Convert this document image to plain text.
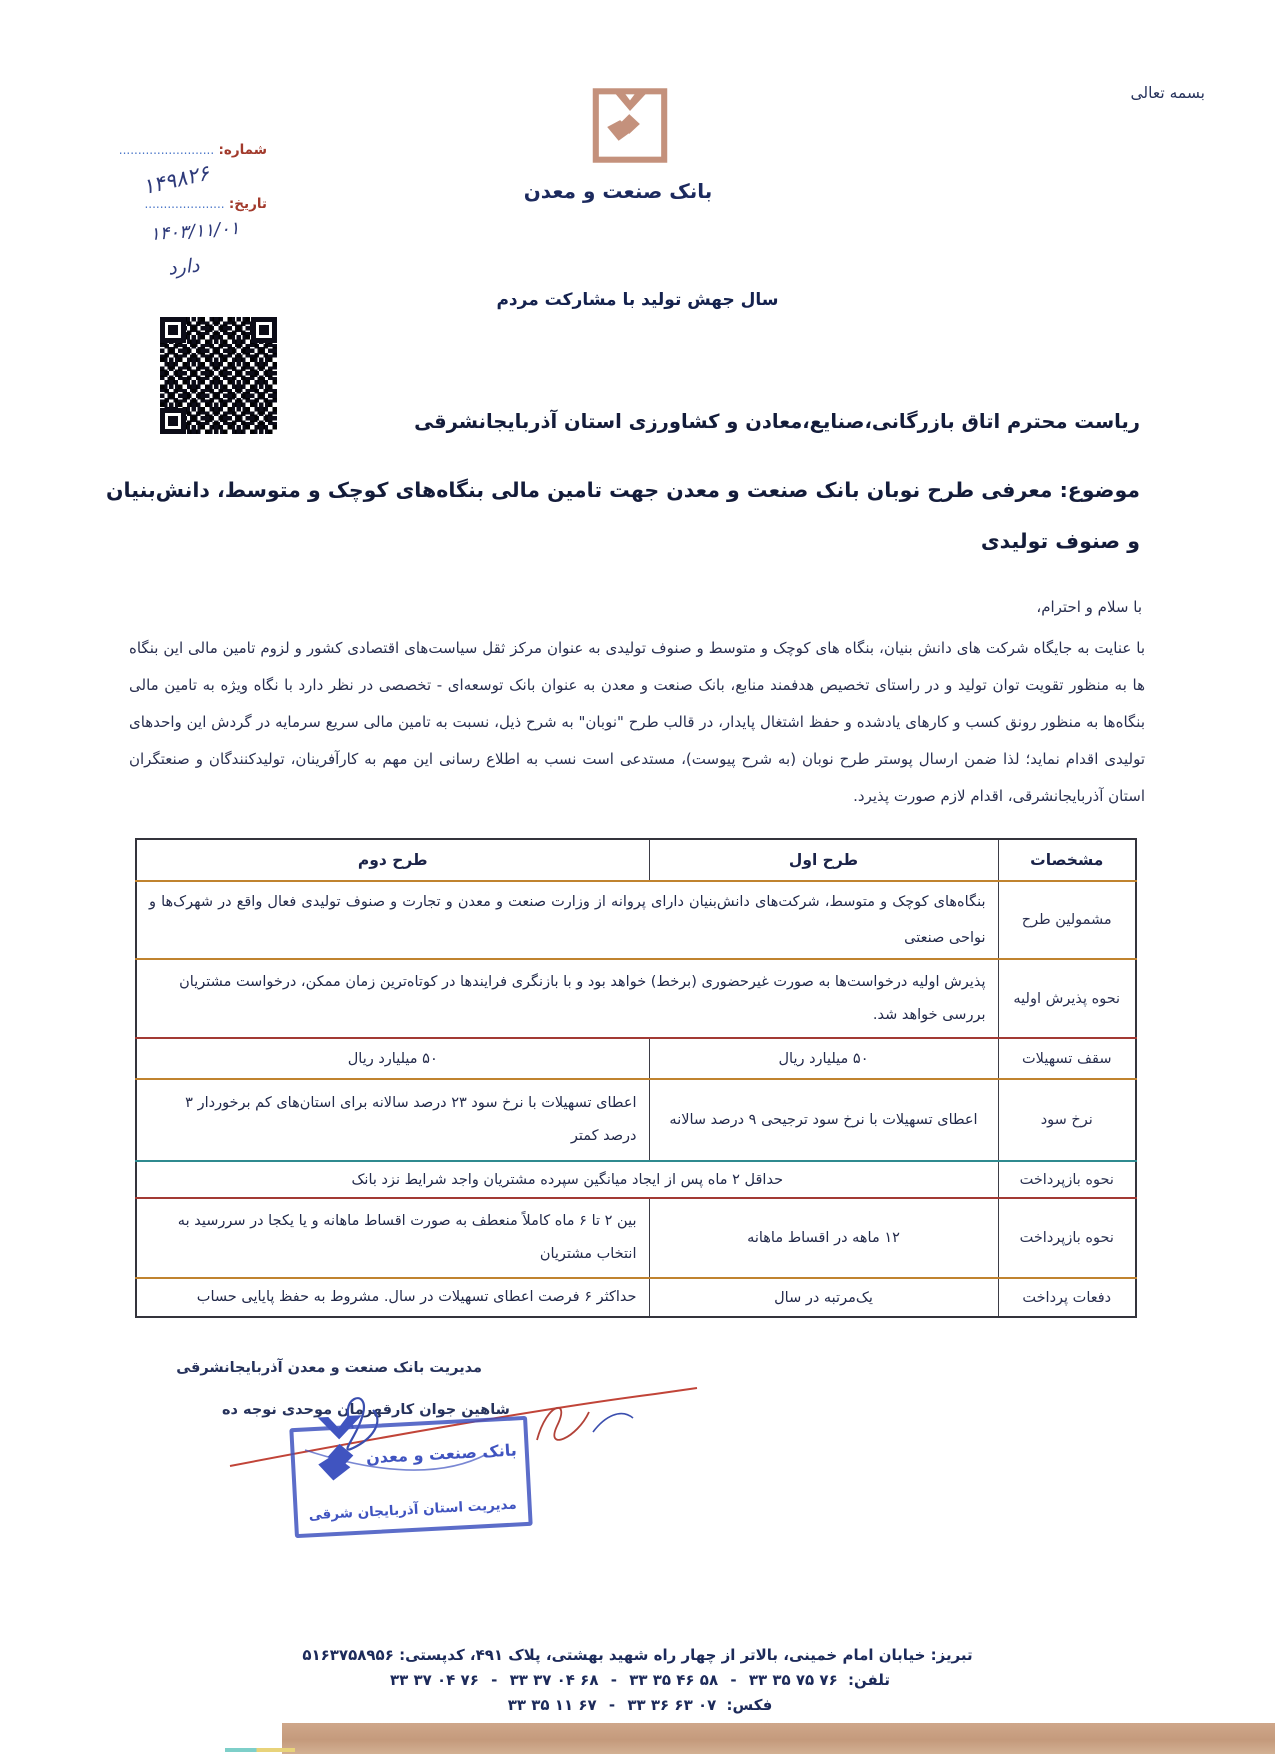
بسمه تعالی
بانک صنعت و معدن
شماره: .........................
۱۴۹۸۲۶
تاریخ: .....................
۱۴۰۳/۱۱/۰۱
دارد
سال جهش تولید با مشارکت مردم
ریاست محترم اتاق بازرگانی،صنایع،معادن و کشاورزی استان آذربایجانشرقی
موضوع: معرفی طرح نوبان بانک صنعت و معدن جهت تامین مالی بنگاه‌های کوچک و متوسط، دانش‌بنیان
و صنوف تولیدی
با سلام و احترام،
با عنایت به جایگاه شرکت های دانش بنیان، بنگاه های کوچک و متوسط و صنوف تولیدی به عنوان مرکز ثقل سیاست‌های اقتصادی کشور و لزوم تامین مالی این بنگاه ها به منظور تقویت توان تولید و در راستای تخصیص هدفمند منابع، بانک صنعت و معدن به عنوان بانک توسعه‌ای - تخصصی در نظر دارد با نگاه ویژه به تامین مالی بنگاه‌ها به منظور رونق کسب و کارهای یادشده و حفظ اشتغال پایدار، در قالب طرح "نوبان" به شرح ذیل، نسبت به تامین مالی سریع سرمایه در گردش این واحدهای تولیدی اقدام نماید؛ لذا ضمن ارسال پوستر طرح نوبان (به شرح پیوست)، مستدعی است نسب به اطلاع رسانی این مهم به کارآفرینان، تولیدکنندگان و صنعتگران استان آذربایجانشرقی، اقدام لازم صورت پذیرد.
مشخصات	طرح اول	طرح دوم
مشمولین طرح	بنگاه‌های کوچک و متوسط، شرکت‌های دانش‌بنیان دارای پروانه از وزارت صنعت و معدن و تجارت و صنوف تولیدی فعال واقع در شهرک‌ها و نواحی صنعتی	
نحوه پذیرش اولیه	پذیرش اولیه درخواست‌ها به صورت غیرحضوری (برخط) خواهد بود و با بازنگری فرایندها در کوتاه‌ترین زمان ممکن، درخواست مشتریان بررسی خواهد شد.	
سقف تسهیلات	۵۰ میلیارد ریال	۵۰ میلیارد ریال
نرخ سود	اعطای تسهیلات با نرخ سود ترجیحی ۹ درصد سالانه	اعطای تسهیلات با نرخ سود ۲۳ درصد سالانه برای استان‌های کم برخوردار ۳ درصد کمتر
نحوه بازپرداخت	حداقل ۲ ماه پس از ایجاد میانگین سپرده مشتریان واجد شرایط نزد بانک	
نحوه بازپرداخت	۱۲ ماهه در اقساط ماهانه	بین ۲ تا ۶ ماه کاملاً منعطف به صورت اقساط ماهانه و یا یکجا در سررسید به انتخاب مشتریان
دفعات پرداخت	یک‌مرتبه در سال	حداکثر ۶ فرصت اعطای تسهیلات در سال. مشروط به حفظ پایایی حساب
مدیریت بانک صنعت و معدن آذربایجانشرقی
قهرمان موحدی نوجه ده شاهین جوان کار
بانک صنعت و معدن
مدیریت استان آذربایجان شرقی
تبریز: خیابان امام خمینی، بالاتر از چهار راه شهید بهشتی، پلاک ۴۹۱، کدپستی: ۵۱۶۳۷۵۸۹۵۶
تلفن: ۳۳ ۳۵ ۷۵ ۷۶ - ۳۳ ۳۵ ۴۶ ۵۸ - ۳۳ ۳۷ ۰۴ ۶۸ - ۳۳ ۳۷ ۰۴ ۷۶
فکس: ۳۳ ۳۶ ۶۳ ۰۷ - ۳۳ ۳۵ ۱۱ ۶۷
